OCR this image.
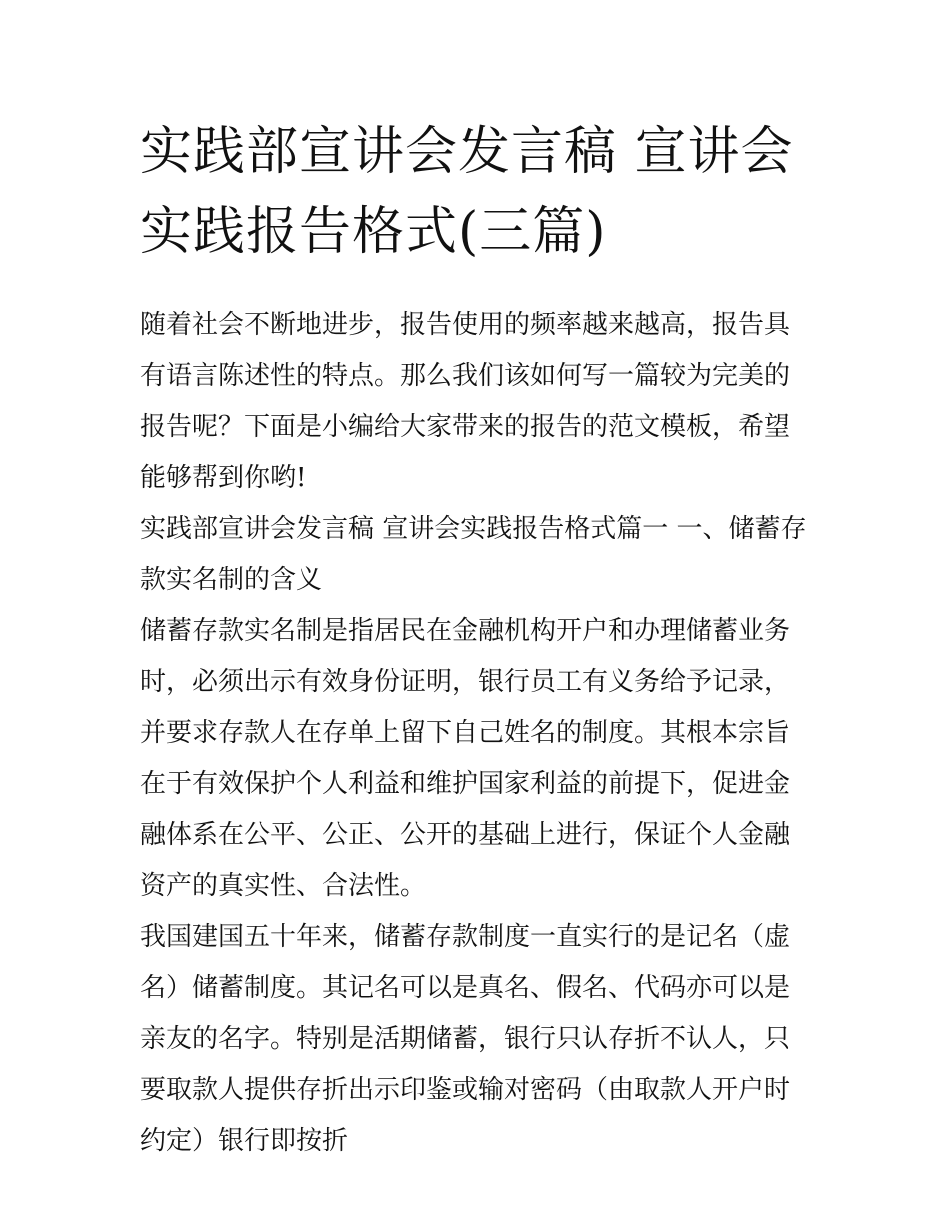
实践部宣讲会发言稿 宣讲会实践报告格式(三篇)

随着社会不断地进步，报告使用的频率越来越高，报告具有语言陈述性的特点。那么我们该如何写一篇较为完美的报告呢？下面是小编给大家带来的报告的范文模板，希望能够帮到你哟!

实践部宣讲会发言稿 宣讲会实践报告格式篇一 一、储蓄存款实名制的含义

储蓄存款实名制是指居民在金融机构开户和办理储蓄业务时，必须出示有效身份证明，银行员工有义务给予记录，并要求存款人在存单上留下自己姓名的制度。其根本宗旨在于有效保护个人利益和维护国家利益的前提下，促进金融体系在公平、公正、公开的基础上进行，保证个人金融资产的真实性、合法性。

我国建国五十年来，储蓄存款制度一直实行的是记名（虚名）储蓄制度。其记名可以是真名、假名、代码亦可以是亲友的名字。特别是活期储蓄，银行只认存折不认人，只要取款人提供存折出示印鉴或输对密码（由取款人开户时约定）银行即按折
